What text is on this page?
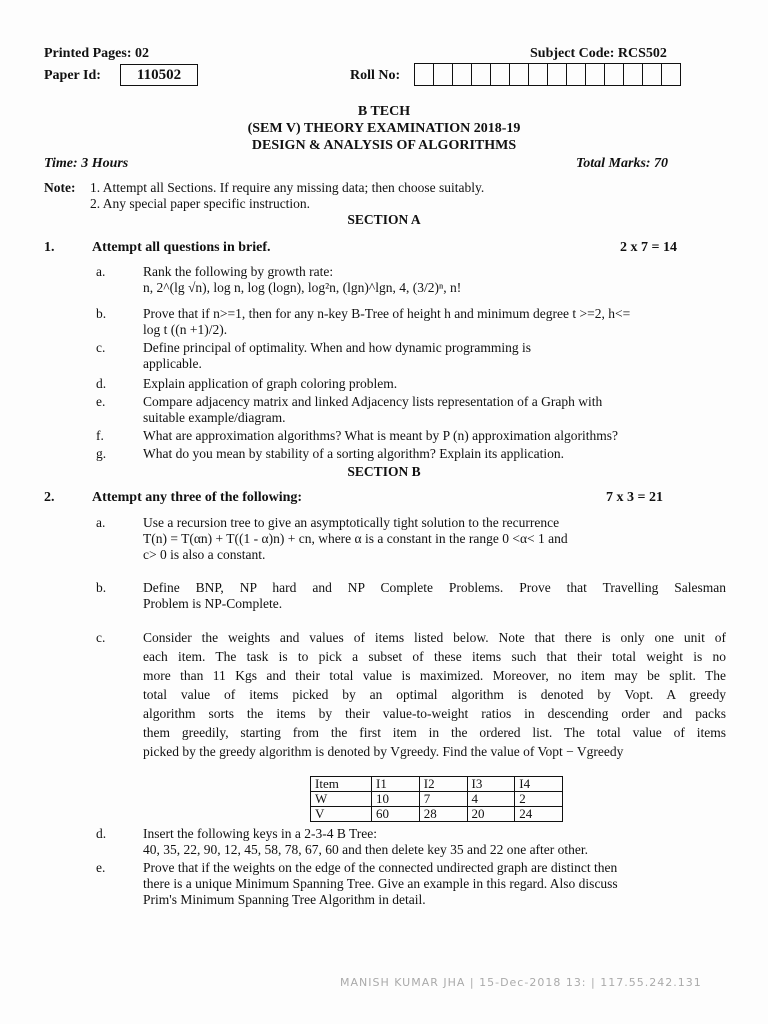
Printed Pages: 02	Subject Code: RCS502
Paper Id:	110502	Roll No:
B TECH
(SEM V) THEORY EXAMINATION 2018-19
DESIGN & ANALYSIS OF ALGORITHMS
Time: 3 Hours	Total Marks: 70
Note: 1. Attempt all Sections. If require any missing data; then choose suitably.
2. Any special paper specific instruction.
SECTION A
1.	Attempt all questions in brief.	2 x 7 = 14
a.	Rank the following by growth rate:
n, 2^(lg √n), log n, log (logn), log²n, (lgn)^lgn, 4, (3/2)ⁿ, n!
b.	Prove that if n>=1, then for any n-key B-Tree of height h and minimum degree t >=2, h<=
log t ((n +1)/2).
c.	Define principal of optimality. When and how dynamic programming is
applicable.
d.	Explain application of graph coloring problem.
e.	Compare adjacency matrix and linked Adjacency lists representation of a Graph with
suitable example/diagram.
f.	What are approximation algorithms? What is meant by P (n) approximation algorithms?
g.	What do you mean by stability of a sorting algorithm? Explain its application.
SECTION B
2.	Attempt any three of the following:	7 x 3 = 21
a.	Use a recursion tree to give an asymptotically tight solution to the recurrence
T(n) = T(αn) + T((1 - α)n) + cn, where α is a constant in the range 0 <α< 1 and
c> 0 is also a constant.
b.	Define BNP, NP hard and NP Complete Problems. Prove that Travelling Salesman
Problem is NP-Complete.
c.	Consider the weights and values of items listed below. Note that there is only one unit of
each item. The task is to pick a subset of these items such that their total weight is no
more than 11 Kgs and their total value is maximized. Moreover, no item may be split. The
total value of items picked by an optimal algorithm is denoted by Vopt. A greedy
algorithm sorts the items by their value-to-weight ratios in descending order and packs
them greedily, starting from the first item in the ordered list. The total value of items
picked by the greedy algorithm is denoted by Vgreedy. Find the value of Vopt − Vgreedy
Item	I1	I2	I3	I4
W	10	7	4	2
V	60	28	20	24
d.	Insert the following keys in a 2-3-4 B Tree:
40, 35, 22, 90, 12, 45, 58, 78, 67, 60 and then delete key 35 and 22 one after other.
e.	Prove that if the weights on the edge of the connected undirected graph are distinct then
there is a unique Minimum Spanning Tree. Give an example in this regard. Also discuss
Prim's Minimum Spanning Tree Algorithm in detail.
MANISH KUMAR JHA | 15-Dec-2018 13: | 117.55.242.131
